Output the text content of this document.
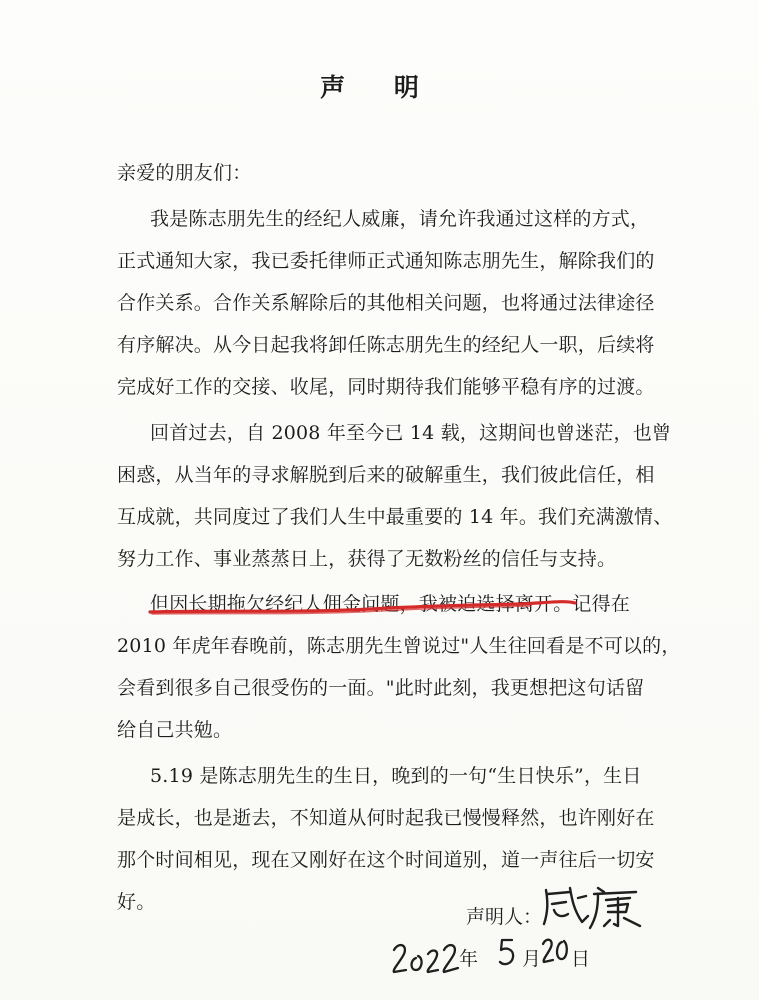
声 明
亲爱的朋友们：
我是陈志朋先生的经纪人威廉，请允许我通过这样的方式，
正式通知大家，我已委托律师正式通知陈志朋先生，解除我们的
合作关系。合作关系解除后的其他相关问题，也将通过法律途径
有序解决。从今日起我将卸任陈志朋先生的经纪人一职，后续将
完成好工作的交接、收尾，同时期待我们能够平稳有序的过渡。
回首过去，自 2008 年至今已 14 载，这期间也曾迷茫，也曾
困惑，从当年的寻求解脱到后来的破解重生，我们彼此信任，相
互成就，共同度过了我们人生中最重要的 14 年。我们充满激情、
努力工作、事业蒸蒸日上，获得了无数粉丝的信任与支持。
但因长期拖欠经纪人佣金问题，我被迫选择离开。记得在
2010 年虎年春晚前，陈志朋先生曾说过"人生往回看是不可以的，
会看到很多自己很受伤的一面。"此时此刻，我更想把这句话留
给自己共勉。
5.19 是陈志朋先生的生日，晚到的一句“生日快乐”，生日
是成长，也是逝去，不知道从何时起我已慢慢释然，也许刚好在
那个时间相见，现在又刚好在这个时间道别，道一声往后一切安
好。
声明人：
年 月 日
